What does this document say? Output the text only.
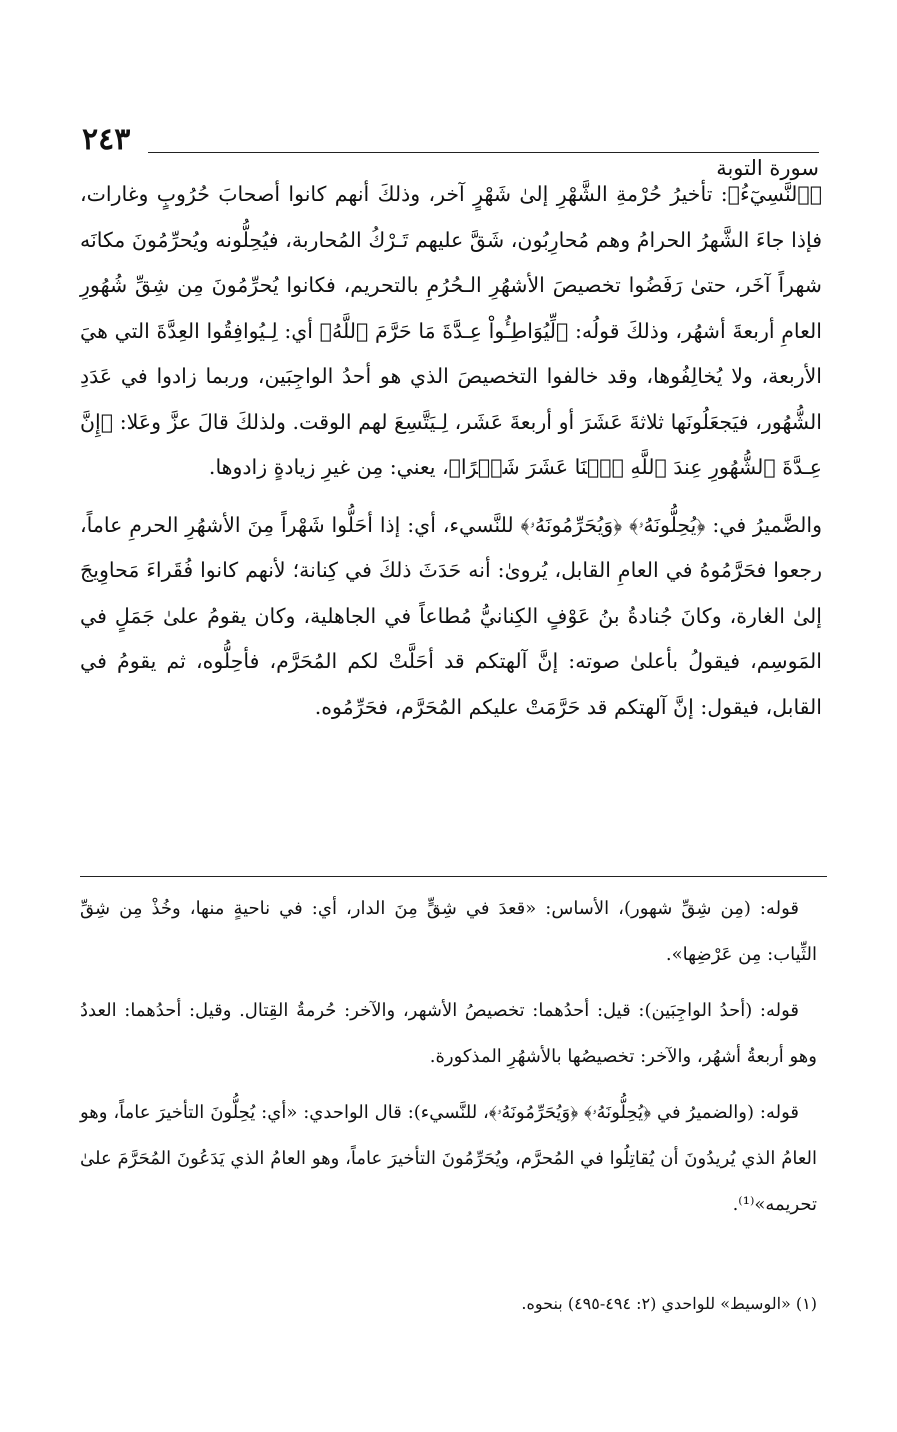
٢٤٣
سورة التوبة

﴿ٱلنَّسِيٓءُ﴾: تأخيرُ حُرْمةِ الشَّهْرِ إلىٰ شَهْرٍ آخر، وذلكَ أنهم كانوا أصحابَ حُرُوبٍ وغارات، فإذا جاءَ الشَّهرُ الحرامُ وهم مُحارِبُون، شَقَّ عليهم تَـرْكُ المُحاربة، فيُحِلُّونه ويُحرِّمُونَ مكانَه شهراً آخَر، حتىٰ رَفَضُوا تخصيصَ الأشهُرِ الـحُرُمِ بالتحريم، فكانوا يُحرِّمُونَ مِن شِقِّ شُهُورِ العامِ أربعةَ أشهُر، وذلكَ قولُه: ﴿لِّيُوَاطِـُٔواْ عِـدَّةَ مَا حَرَّمَ ٱللَّهُ﴾ أي: لِـيُوافِقُوا العِدَّةَ التي هيَ الأربعة، ولا يُخالِفُوها، وقد خالفوا التخصيصَ الذي هو أحدُ الواجِبَين، وربما زادوا في عَدَدِ الشُّهُور، فيَجعَلُونَها ثلاثةَ عَشَرَ أو أربعةَ عَشَر، لِـيَتَّسِعَ لهم الوقت. ولذلكَ قالَ عزَّ وعَلا: ﴿إِنَّ عِـدَّةَ ٱلشُّهُورِ عِندَ ٱللَّهِ ٱثۡنَا عَشَرَ شَهۡرًا﴾، يعني: مِن غيرِ زيادةٍ زادوها.

والضَّميرُ في: ﴿يُحِلُّونَهُۥ﴾ ﴿وَيُحَرِّمُونَهُۥ﴾ للنَّسيء، أي: إذا أحَلُّوا شَهْراً مِنَ الأشهُرِ الحرمِ عاماً، رجعوا فحَرَّمُوهُ في العامِ القابل، يُروىٰ: أنه حَدَثَ ذلكَ في كِنانة؛ لأنهم كانوا فُقَراءَ مَحاوِيجَ إلىٰ الغارة، وكانَ جُنادةُ بنُ عَوْفٍ الكِنانيُّ مُطاعاً في الجاهلية، وكان يقومُ علىٰ جَمَلٍ في المَوسِم، فيقولُ بأعلىٰ صوته: إنَّ آلهتكم قد أحَلَّتْ لكم المُحَرَّم، فأحِلُّوه، ثم يقومُ في القابل، فيقول: إنَّ آلهتكم قد حَرَّمَتْ عليكم المُحَرَّم، فحَرِّمُوه.

قوله: (مِن شِقِّ شهور)، الأساس: «قعدَ في شِقٍّ مِنَ الدار، أي: في ناحيةٍ منها، وخُذْ مِن شِقِّ الثِّياب: مِن عَرْضِها».

قوله: (أحدُ الواجِبَين): قيل: أحدُهما: تخصيصُ الأشهر، والآخر: حُرمةُ القِتال. وقيل: أحدُهما: العددُ وهو أربعةُ أشهُر، والآخر: تخصيصُها بالأشهُرِ المذكورة.

قوله: (والضميرُ في ﴿يُحِلُّونَهُۥ﴾ ﴿وَيُحَرِّمُونَهُۥ﴾، للنَّسيء): قال الواحدي: «أي: يُحِلُّونَ التأخيرَ عاماً، وهو العامُ الذي يُريدُونَ أن يُقاتِلُوا في المُحرَّم، ويُحَرِّمُونَ التأخيرَ عاماً، وهو العامُ الذي يَدَعُونَ المُحَرَّمَ علىٰ تحريمه»⁽¹⁾.

(١) «الوسيط» للواحدي (٢: ٤٩٤-٤٩٥) بنحوه.
